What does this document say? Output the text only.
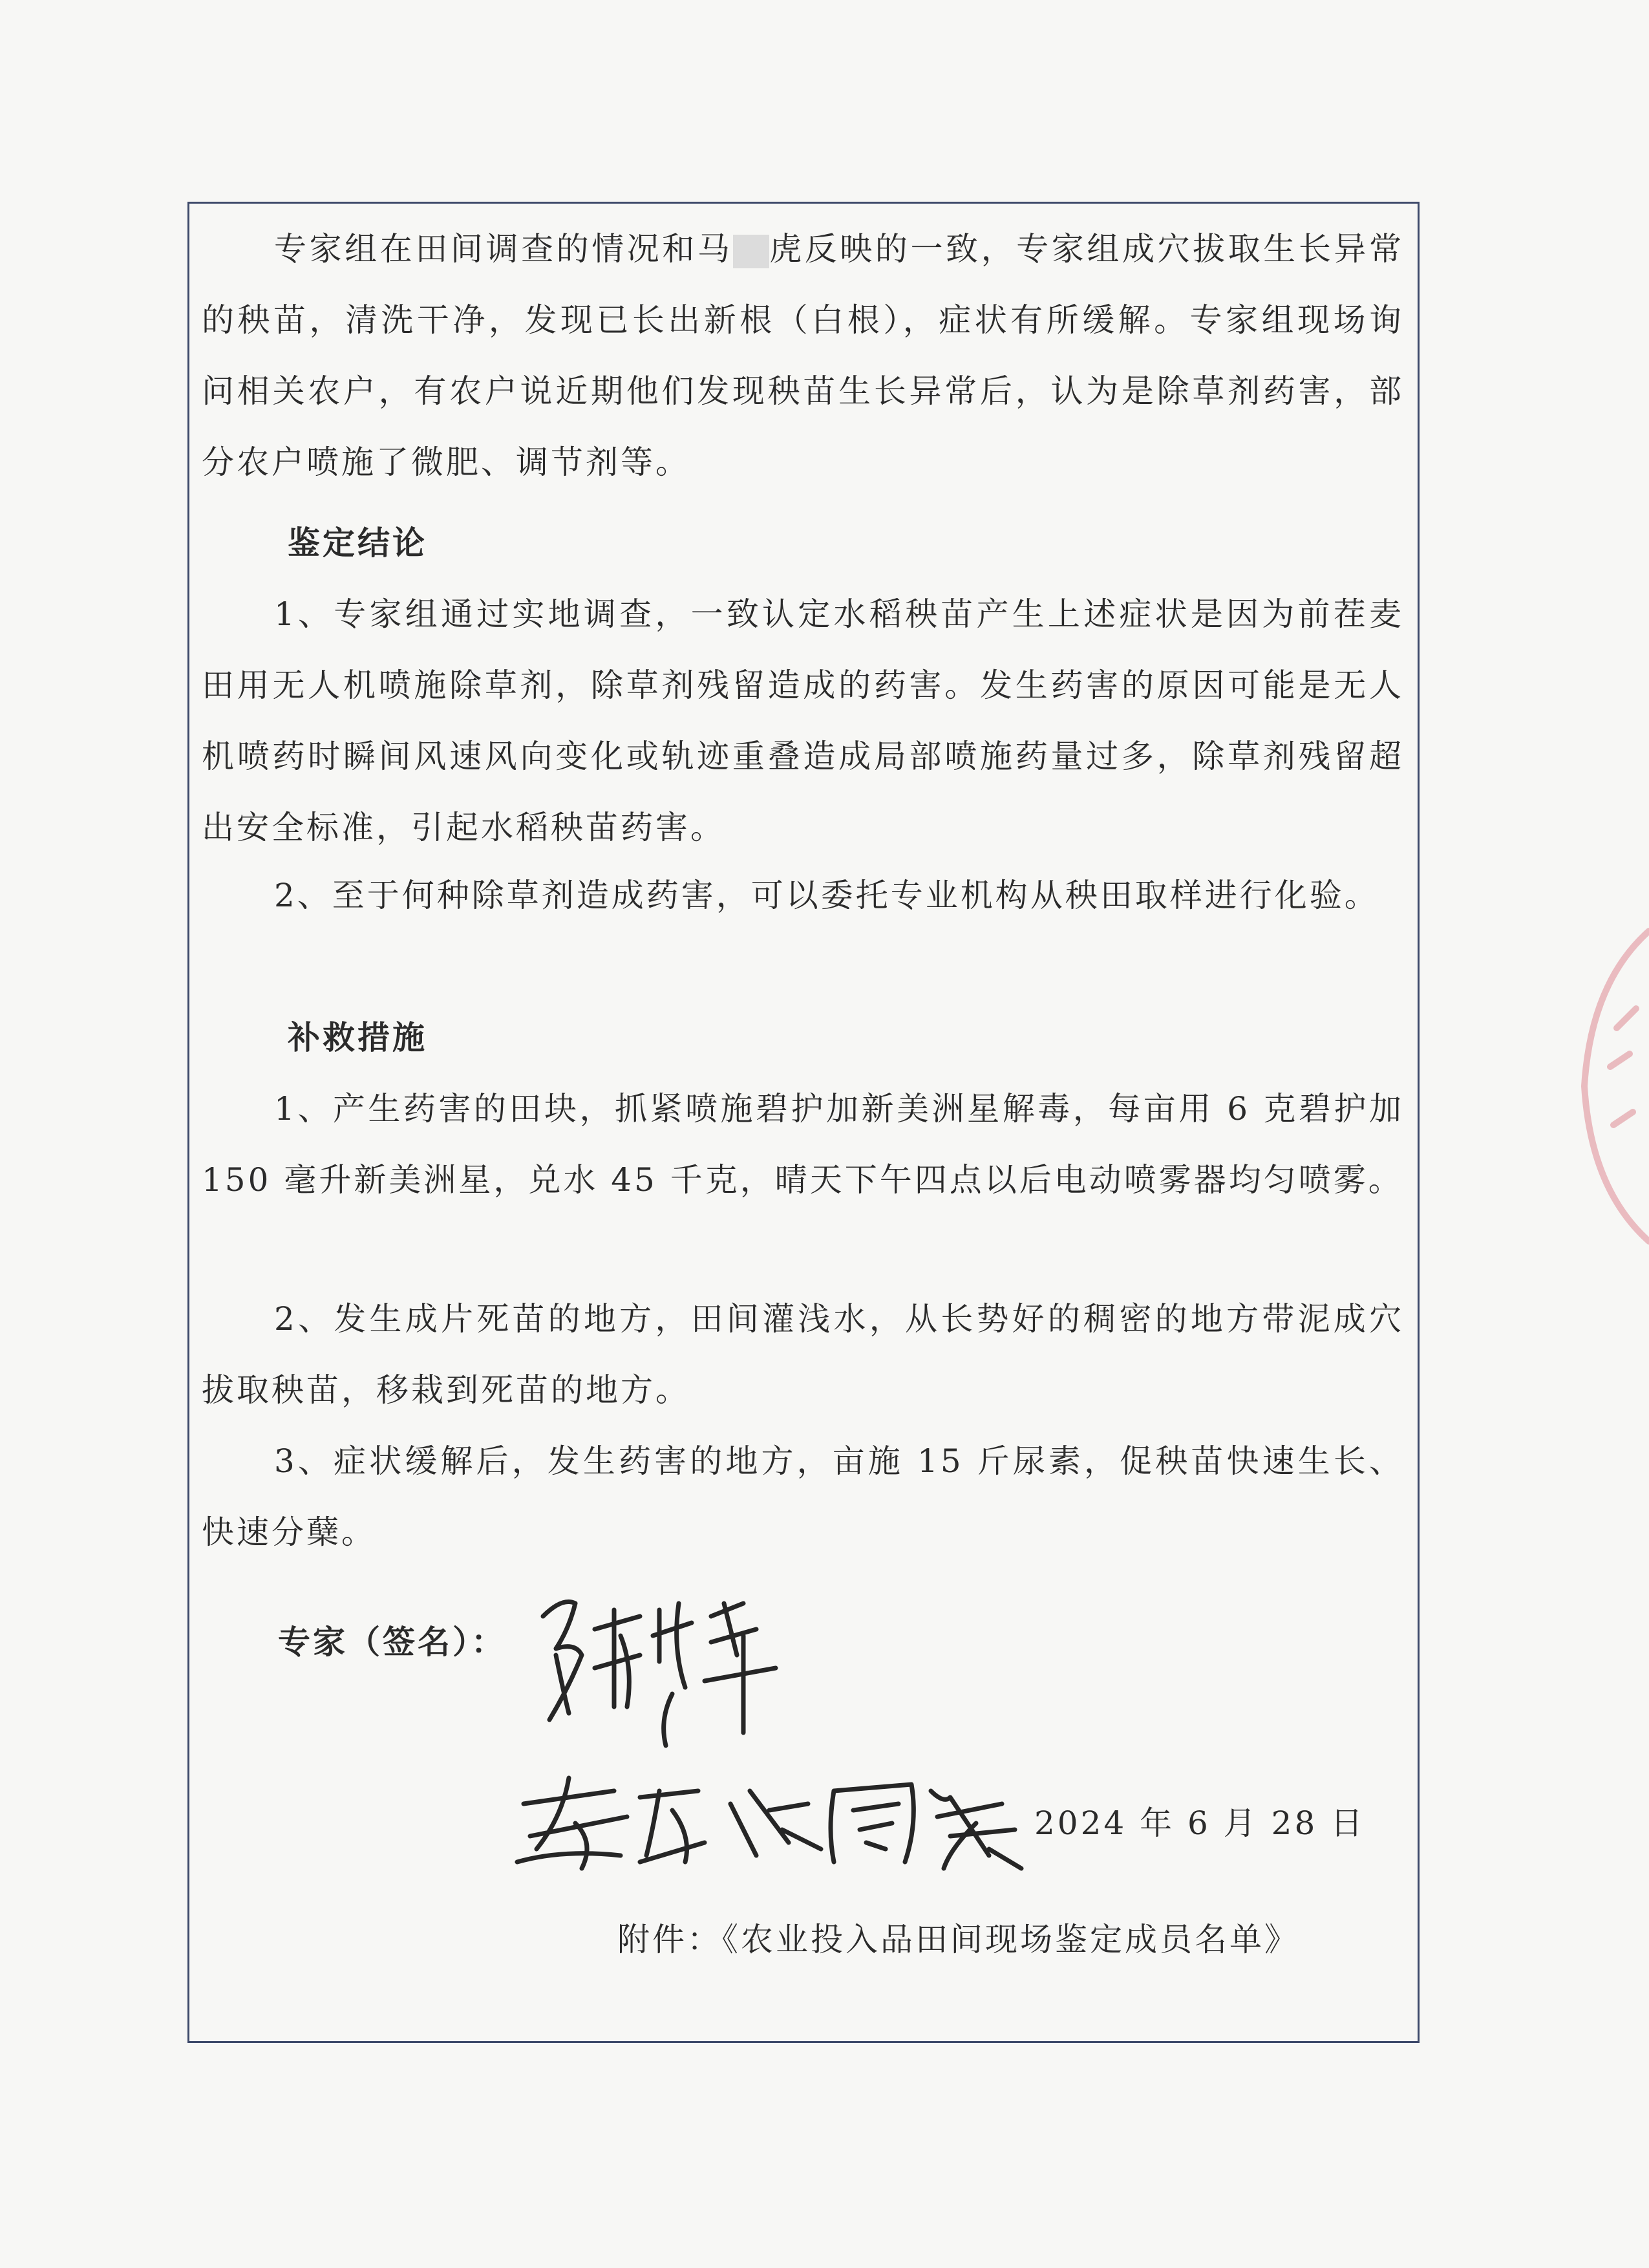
专家组在田间调查的情况和马 虎反映的一致，专家组成穴拔取生长异常的秧苗，清洗干净，发现已长出新根（白根），症状有所缓解。专家组现场询问相关农户，有农户说近期他们发现秧苗生长异常后，认为是除草剂药害，部分农户喷施了微肥、调节剂等。

鉴定结论

1、专家组通过实地调查，一致认定水稻秧苗产生上述症状是因为前茬麦田用无人机喷施除草剂，除草剂残留造成的药害。发生药害的原因可能是无人机喷药时瞬间风速风向变化或轨迹重叠造成局部喷施药量过多，除草剂残留超出安全标准，引起水稻秧苗药害。

2、至于何种除草剂造成药害，可以委托专业机构从秧田取样进行化验。

补救措施

1、产生药害的田块，抓紧喷施碧护加新美洲星解毒，每亩用 6 克碧护加 150 毫升新美洲星，兑水 45 千克，晴天下午四点以后电动喷雾器均匀喷雾。

2、发生成片死苗的地方，田间灌浅水，从长势好的稠密的地方带泥成穴拔取秧苗，移栽到死苗的地方。

3、症状缓解后，发生药害的地方，亩施 15 斤尿素，促秧苗快速生长、快速分蘖。

专家（签名）：
2024 年 6 月 28 日
附件：《农业投入品田间现场鉴定成员名单》
